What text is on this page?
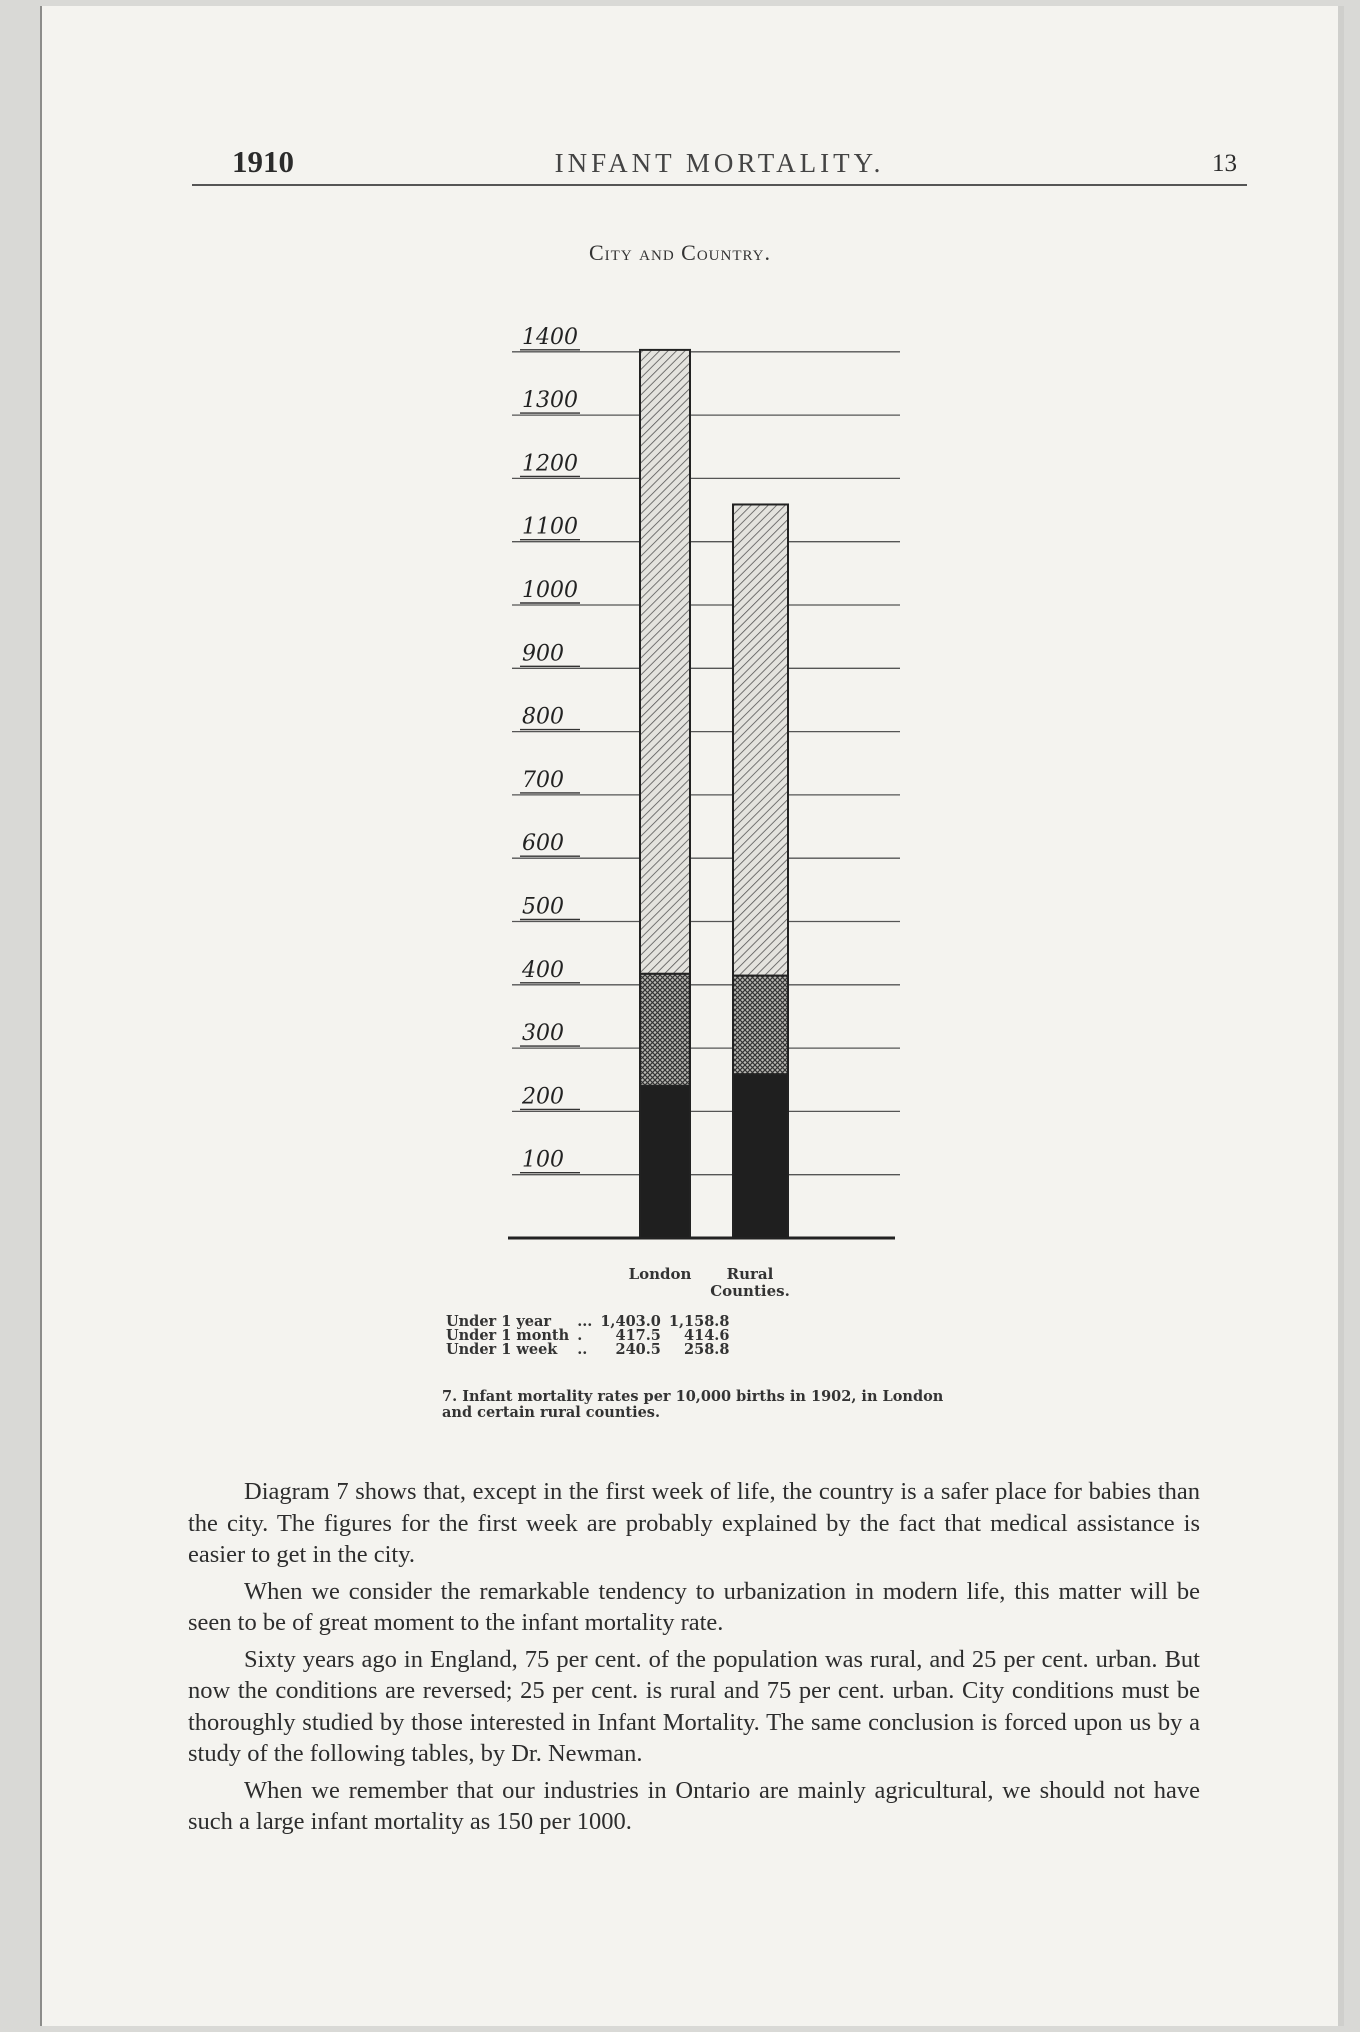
1910	INFANT MORTALITY.	13
City and Country.
100
200
300
400
500
600
700
800
900
1000
1100
1200
1300
1400
London	Rural Counties.
Under 1 year	...	1,403.0	1,158.8
Under 1 month	.	417.5	414.6
Under 1 week	..	240.5	258.8
7. Infant mortality rates per 10,000 births in 1902, in London and certain rural counties.

Diagram 7 shows that, except in the first week of life, the country is a safer place for babies than the city. The figures for the first week are probably explained by the fact that medical assistance is easier to get in the city.

When we consider the remarkable tendency to urbanization in modern life, this matter will be seen to be of great moment to the infant mortality rate.

Sixty years ago in England, 75 per cent. of the population was rural, and 25 per cent. urban. But now the conditions are reversed; 25 per cent. is rural and 75 per cent. urban. City conditions must be thoroughly studied by those interested in Infant Mortality. The same conclusion is forced upon us by a study of the following tables, by Dr. Newman.

When we remember that our industries in Ontario are mainly agricultural, we should not have such a large infant mortality as 150 per 1000.
